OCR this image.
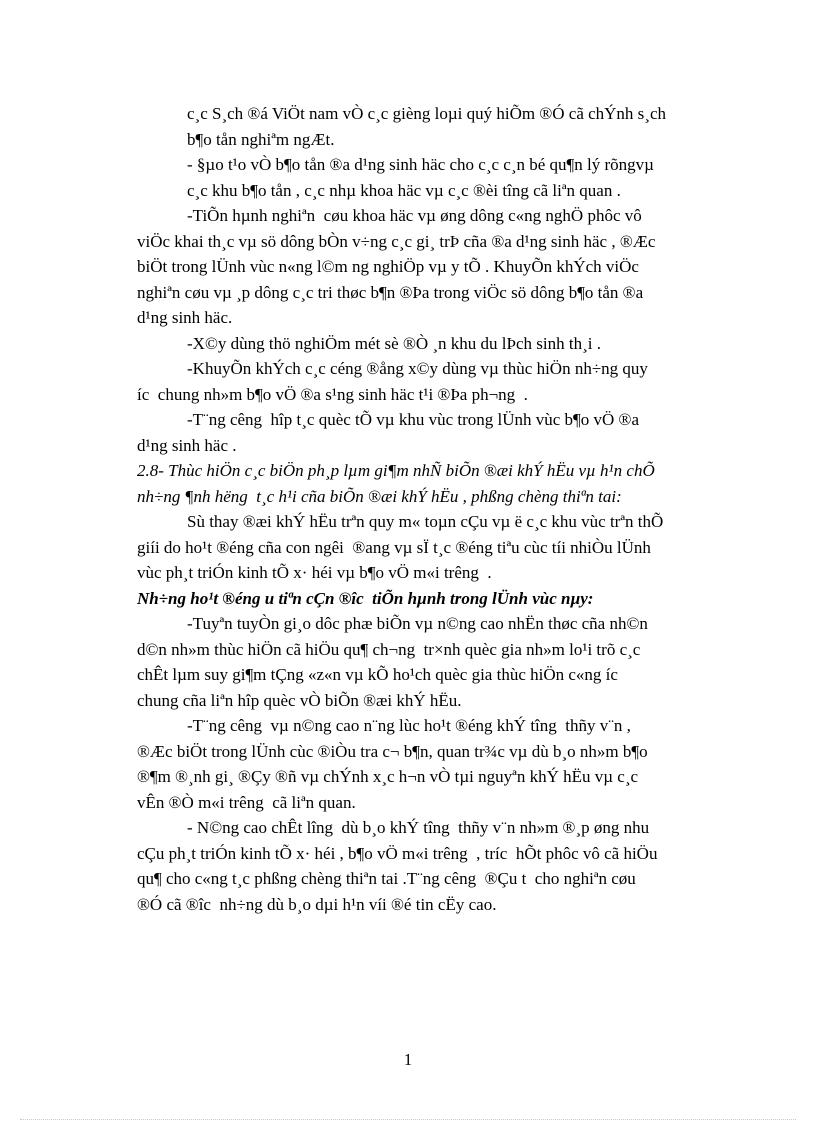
c¸c S¸ch ®á ViÖt nam vÒ c¸c gièng loµi quý hiÕm ®Ó cã chÝnh s¸ch
b¶o tån nghiªm ngÆt.
- §µo t¹o vÒ b¶o tån ®a d¹ng sinh häc cho c¸c c¸n bé qu¶n lý rõngvµ
c¸c khu b¶o tån , c¸c nhµ khoa häc vµ c¸c ®èi tîng cã liªn quan .
-TiÕn hµnh nghiªn  cøu khoa häc vµ øng dông c«ng nghÖ phôc vô
viÖc khai th¸c vµ sö dông bÒn v÷ng c¸c gi¸ trÞ cña ®a d¹ng sinh häc , ®Æc
biÖt trong lÜnh vùc n«ng l©m ng nghiÖp vµ y tÕ . KhuyÕn khÝch viÖc
nghiªn cøu vµ ¸p dông c¸c tri thøc b¶n ®Þa trong viÖc sö dông b¶o tån ®a
d¹ng sinh häc.
-X©y dùng thö nghiÖm mét sè ®Ò ¸n khu du lÞch sinh th¸i .
-KhuyÕn khÝch c¸c céng ®ång x©y dùng vµ thùc hiÖn nh÷ng quy
íc  chung nh»m b¶o vÖ ®a s¹ng sinh häc t¹i ®Þa ph¬ng  .
-T¨ng cêng  hîp t¸c quèc tÕ vµ khu vùc trong lÜnh vùc b¶o vÖ ®a
d¹ng sinh häc .
2.8- Thùc hiÖn c¸c biÖn ph¸p lµm gi¶m nhÑ biÕn ®æi khÝ hËu vµ h¹n chÕ
nh÷ng ¶nh hëng  t¸c h¹i cña biÕn ®æi khÝ hËu , phßng chèng thiªn tai:
Sù thay ®æi khÝ hËu trªn quy m« toµn cÇu vµ ë c¸c khu vùc trªn thÕ
giíi do ho¹t ®éng cña con ngêi  ®ang vµ sÏ t¸c ®éng tiªu cùc tíi nhiÒu lÜnh
vùc ph¸t triÓn kinh tÕ x· héi vµ b¶o vÖ m«i trêng  .
Nh÷ng ho¹t ®éng u tiªn cÇn ®îc  tiÕn hµnh trong lÜnh vùc nµy:
-Tuyªn tuyÒn gi¸o dôc phæ biÕn vµ n©ng cao nhËn thøc cña nh©n
d©n nh»m thùc hiÖn cã hiÖu qu¶ ch¬ng  tr×nh quèc gia nh»m lo¹i trõ c¸c
chÊt lµm suy gi¶m tÇng «z«n vµ kÕ ho¹ch quèc gia thùc hiÖn c«ng íc
chung cña liªn hîp quèc vÒ biÕn ®æi khÝ hËu.
-T¨ng cêng  vµ n©ng cao n¨ng lùc ho¹t ®éng khÝ tîng  thñy v¨n ,
®Æc biÖt trong lÜnh cùc ®iÒu tra c¬ b¶n, quan tr¾c vµ dù b¸o nh»m b¶o
®¶m ®¸nh gi¸ ®Çy ®ñ vµ chÝnh x¸c h¬n vÒ tµi nguyªn khÝ hËu vµ c¸c
vÊn ®Ò m«i trêng  cã liªn quan.
- N©ng cao chÊt lîng  dù b¸o khÝ tîng  thñy v¨n nh»m ®¸p øng nhu
cÇu ph¸t triÓn kinh tÕ x· héi , b¶o vÖ m«i trêng  , tríc  hÕt phôc vô cã hiÖu
qu¶ cho c«ng t¸c phßng chèng thiªn tai .T¨ng cêng  ®Çu t  cho nghiªn cøu
®Ó cã ®îc  nh÷ng dù b¸o dµi h¹n víi ®é tin cËy cao.
1
